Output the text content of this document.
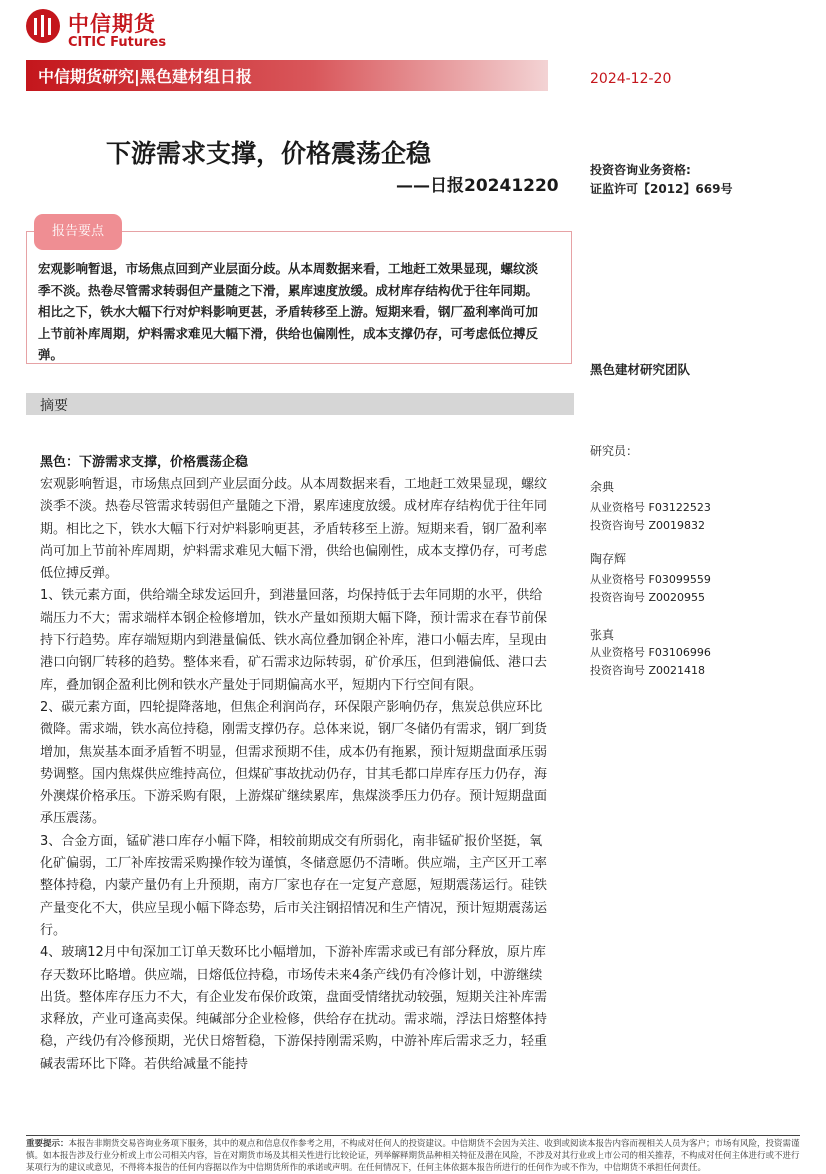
中信期货
CITIC Futures
中信期货研究|黑色建材组日报	2024-12-20
下游需求支撑，价格震荡企稳
——日报20241220
投资咨询业务资格:
证监许可【2012】669号
报告要点
宏观影响暂退，市场焦点回到产业层面分歧。从本周数据来看，工地赶工效果显现，螺纹淡季不淡。热卷尽管需求转弱但产量随之下滑，累库速度放缓。成材库存结构优于往年同期。相比之下，铁水大幅下行对炉料影响更甚，矛盾转移至上游。短期来看，钢厂盈利率尚可加上节前补库周期，炉料需求难见大幅下滑，供给也偏刚性，成本支撑仍存，可考虑低位搏反弹。
黑色建材研究团队
摘要
黑色：下游需求支撑，价格震荡企稳

宏观影响暂退，市场焦点回到产业层面分歧。从本周数据来看，工地赶工效果显现，螺纹淡季不淡。热卷尽管需求转弱但产量随之下滑，累库速度放缓。成材库存结构优于往年同期。相比之下，铁水大幅下行对炉料影响更甚，矛盾转移至上游。短期来看，钢厂盈利率尚可加上节前补库周期，炉料需求难见大幅下滑，供给也偏刚性，成本支撑仍存，可考虑低位搏反弹。

1、铁元素方面，供给端全球发运回升，到港量回落，均保持低于去年同期的水平，供给端压力不大；需求端样本钢企检修增加，铁水产量如预期大幅下降，预计需求在春节前保持下行趋势。库存端短期内到港量偏低、铁水高位叠加钢企补库，港口小幅去库，呈现由港口向钢厂转移的趋势。整体来看，矿石需求边际转弱，矿价承压，但到港偏低、港口去库，叠加钢企盈利比例和铁水产量处于同期偏高水平，短期内下行空间有限。

2、碳元素方面，四轮提降落地，但焦企利润尚存，环保限产影响仍存，焦炭总供应环比微降。需求端，铁水高位持稳，刚需支撑仍存。总体来说，钢厂冬储仍有需求，钢厂到货增加，焦炭基本面矛盾暂不明显，但需求预期不佳，成本仍有拖累，预计短期盘面承压弱势调整。国内焦煤供应维持高位，但煤矿事故扰动仍存，甘其毛都口岸库存压力仍存，海外澳煤价格承压。下游采购有限，上游煤矿继续累库，焦煤淡季压力仍存。预计短期盘面承压震荡。

3、合金方面，锰矿港口库存小幅下降，相较前期成交有所弱化，南非锰矿报价坚挺，氧化矿偏弱，工厂补库按需采购操作较为谨慎，冬储意愿仍不清晰。供应端，主产区开工率整体持稳，内蒙产量仍有上升预期，南方厂家也存在一定复产意愿，短期震荡运行。硅铁产量变化不大，供应呈现小幅下降态势，后市关注钢招情况和生产情况，预计短期震荡运行。

4、玻璃12月中旬深加工订单天数环比小幅增加，下游补库需求或已有部分释放，原片库存天数环比略增。供应端，日熔低位持稳，市场传未来4条产线仍有冷修计划，中游继续出货。整体库存压力不大，有企业发布保价政策，盘面受情绪扰动较强，短期关注补库需求释放，产业可逢高卖保。纯碱部分企业检修，供给存在扰动。需求端，浮法日熔整体持稳，产线仍有冷修预期，光伏日熔暂稳，下游保持刚需采购，中游补库后需求乏力，轻重碱表需环比下降。若供给减量不能持

研究员：
余典
从业资格号 F03122523
投资咨询号 Z0019832
陶存辉
从业资格号 F03099559
投资咨询号 Z0020955
张真
从业资格号 F03106996
投资咨询号 Z0021418
重要提示：本报告非期货交易咨询业务项下服务，其中的观点和信息仅作参考之用，不构成对任何人的投资建议。中信期货不会因为关注、收到或阅读本报告内容而视相关人员为客户；市场有风险，投资需谨慎。如本报告涉及行业分析或上市公司相关内容，旨在对期货市场及其相关性进行比较论证，列举解释期货品种相关特征及潜在风险，不涉及对其行业或上市公司的相关推荐，不构成对任何主体进行或不进行某项行为的建议或意见，不得将本报告的任何内容据以作为中信期货所作的承诺或声明。在任何情况下，任何主体依据本报告所进行的任何作为或不作为，中信期货不承担任何责任。
